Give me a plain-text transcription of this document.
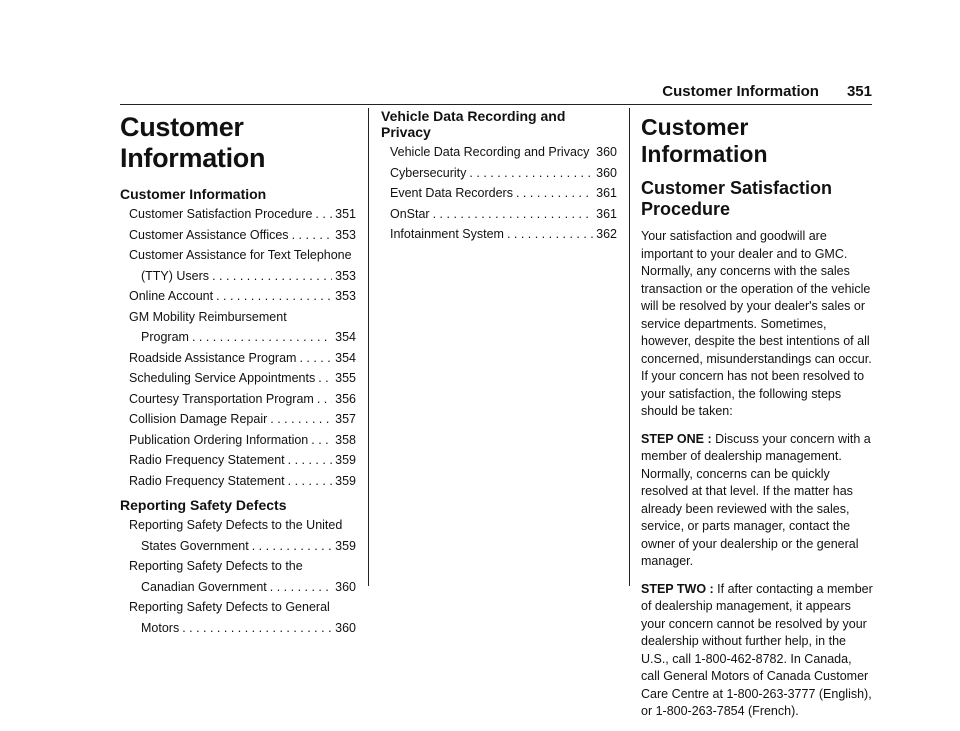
Customer Information 351
Customer Information
Customer Information
Customer Satisfaction Procedure . . . 351
Customer Assistance Offices . . .	353
Customer Assistance for Text Telephone
(TTY) Users . . .	353
Online Account . . .	353
GM Mobility Reimbursement
Program . . .	354
Roadside Assistance Program . . .	354
Scheduling Service Appointments . . . 355
Courtesy Transportation Program . . . 356
Collision Damage Repair . . .	357
Publication Ordering Information . . . 358
Radio Frequency Statement . . .	359
Radio Frequency Statement . . .	359
Reporting Safety Defects
Reporting Safety Defects to the United
States Government . . .	359
Reporting Safety Defects to the
Canadian Government . . .	360
Reporting Safety Defects to General
Motors . . .	360
Vehicle Data Recording and Privacy
Vehicle Data Recording and Privacy . . . 360
Cybersecurity . . .	360
Event Data Recorders . . .	361
OnStar . . .	361
Infotainment System . . .	362
Customer Information
Customer Satisfaction Procedure

Your satisfaction and goodwill are important to your dealer and to GMC. Normally, any concerns with the sales transaction or the operation of the vehicle will be resolved by your dealer's sales or service departments. Sometimes, however, despite the best intentions of all concerned, misunderstandings can occur. If your concern has not been resolved to your satisfaction, the following steps should be taken:

STEP ONE : Discuss your concern with a member of dealership management. Normally, concerns can be quickly resolved at that level. If the matter has already been reviewed with the sales, service, or parts manager, contact the owner of your dealership or the general manager.

STEP TWO : If after contacting a member of dealership management, it appears your concern cannot be resolved by your dealership without further help, in the U.S., call 1-800-462-8782. In Canada, call General Motors of Canada Customer Care Centre at 1-800-263-3777 (English), or 1-800-263-7854 (French).
